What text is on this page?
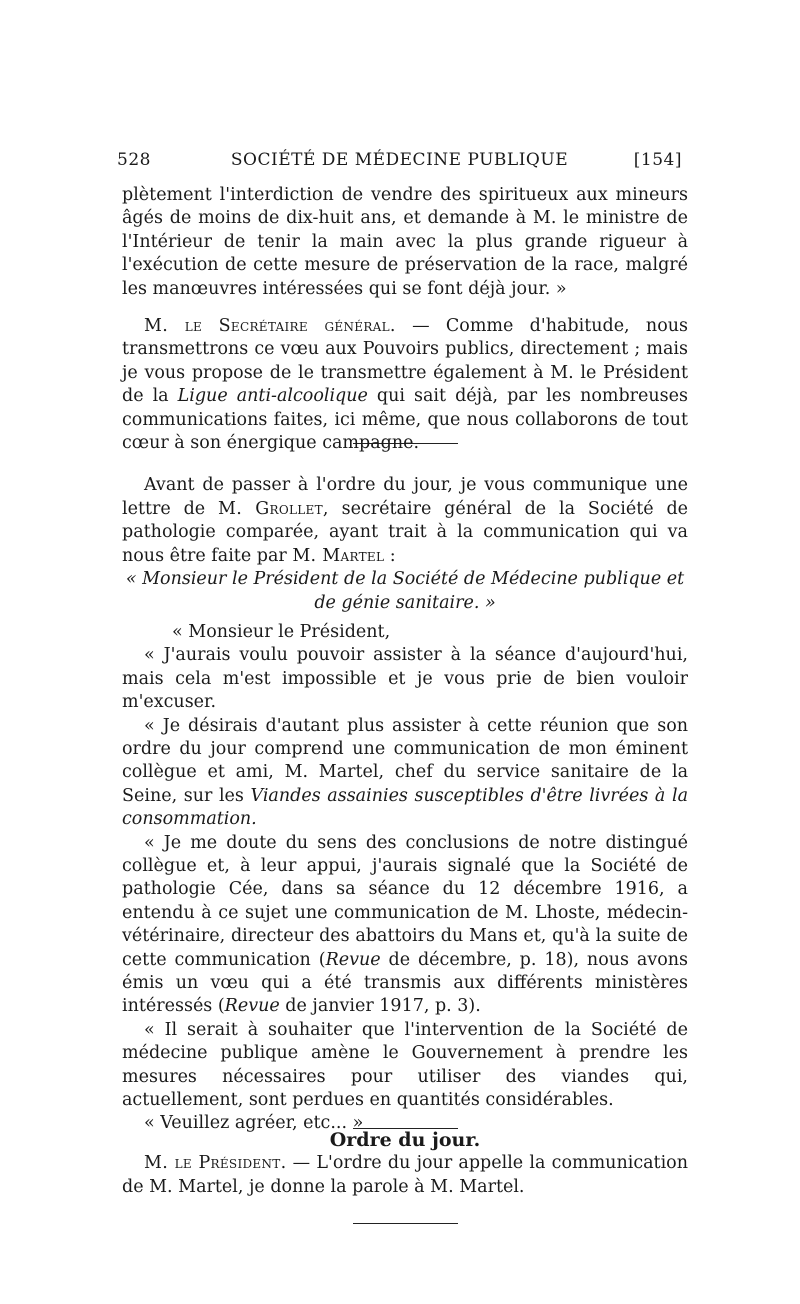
528	SOCIÉTÉ DE MÉDECINE PUBLIQUE	[154]

plètement l'interdiction de vendre des spiritueux aux mineurs âgés de moins de dix-huit ans, et demande à M. le ministre de l'Intérieur de tenir la main avec la plus grande rigueur à l'exécution de cette mesure de préservation de la race, malgré les manœuvres intéressées qui se font déjà jour. »

M. le Secrétaire général. — Comme d'habitude, nous transmettrons ce vœu aux Pouvoirs publics, directement ; mais je vous propose de le transmettre également à M. le Président de la Ligue anti-alcoolique qui sait déjà, par les nombreuses communications faites, ici même, que nous collaborons de tout cœur à son énergique campagne.

Avant de passer à l'ordre du jour, je vous communique une lettre de M. Grollet, secrétaire général de la Société de pathologie comparée, ayant trait à la communication qui va nous être faite par M. Martel :

« Monsieur le Président de la Société de Médecine publique et de génie sanitaire. »

« Monsieur le Président,

« J'aurais voulu pouvoir assister à la séance d'aujourd'hui, mais cela m'est impossible et je vous prie de bien vouloir m'excuser.

« Je désirais d'autant plus assister à cette réunion que son ordre du jour comprend une communication de mon éminent collègue et ami, M. Martel, chef du service sanitaire de la Seine, sur les Viandes assainies susceptibles d'être livrées à la consommation.

« Je me doute du sens des conclusions de notre distingué collègue et, à leur appui, j'aurais signalé que la Société de pathologie Cée, dans sa séance du 12 décembre 1916, a entendu à ce sujet une communication de M. Lhoste, médecin-vétérinaire, directeur des abattoirs du Mans et, qu'à la suite de cette communication (Revue de décembre, p. 18), nous avons émis un vœu qui a été transmis aux différents ministères intéressés (Revue de janvier 1917, p. 3).

« Il serait à souhaiter que l'intervention de la Société de médecine publique amène le Gouvernement à prendre les mesures nécessaires pour utiliser des viandes qui, actuellement, sont perdues en quantités considérables.

« Veuillez agréer, etc... »

Ordre du jour.

M. le Président. — L'ordre du jour appelle la communication de M. Martel, je donne la parole à M. Martel.
